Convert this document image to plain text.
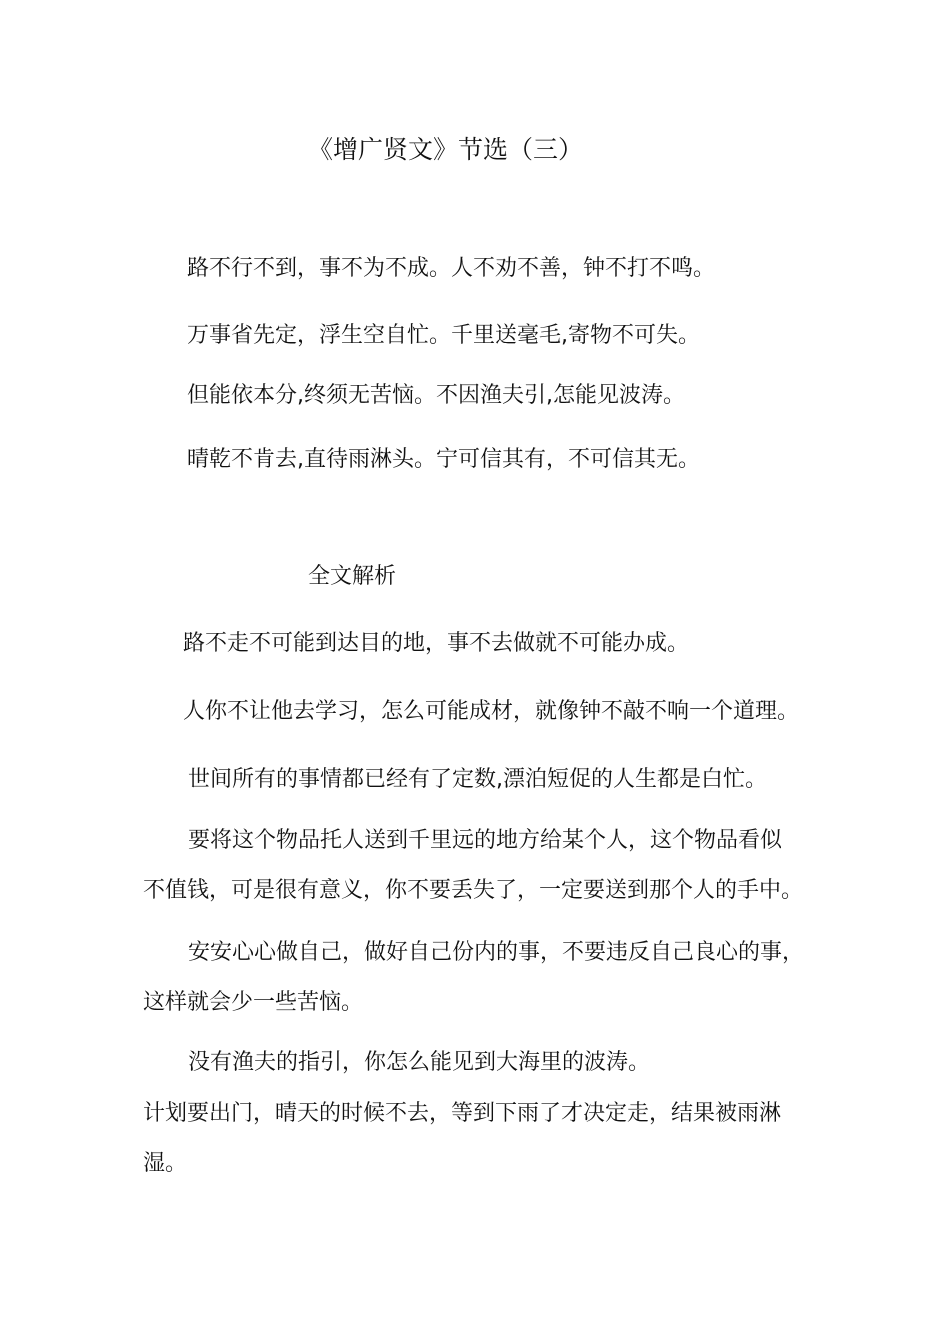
《增广贤文》节选（三）
路不行不到，事不为不成。人不劝不善，钟不打不鸣。
万事省先定，浮生空自忙。千里送毫毛,寄物不可失。
但能依本分,终须无苦恼。不因渔夫引,怎能见波涛。
晴乾不肯去,直待雨淋头。宁可信其有，不可信其无。
全文解析
路不走不可能到达目的地，事不去做就不可能办成。
人你不让他去学习，怎么可能成材，就像钟不敲不响一个道理。
世间所有的事情都已经有了定数,漂泊短促的人生都是白忙。
要将这个物品托人送到千里远的地方给某个人，这个物品看似
不值钱，可是很有意义，你不要丢失了，一定要送到那个人的手中。
安安心心做自己，做好自己份内的事，不要违反自己良心的事，
这样就会少一些苦恼。
没有渔夫的指引，你怎么能见到大海里的波涛。
计划要出门，晴天的时候不去，等到下雨了才决定走，结果被雨淋
湿。
